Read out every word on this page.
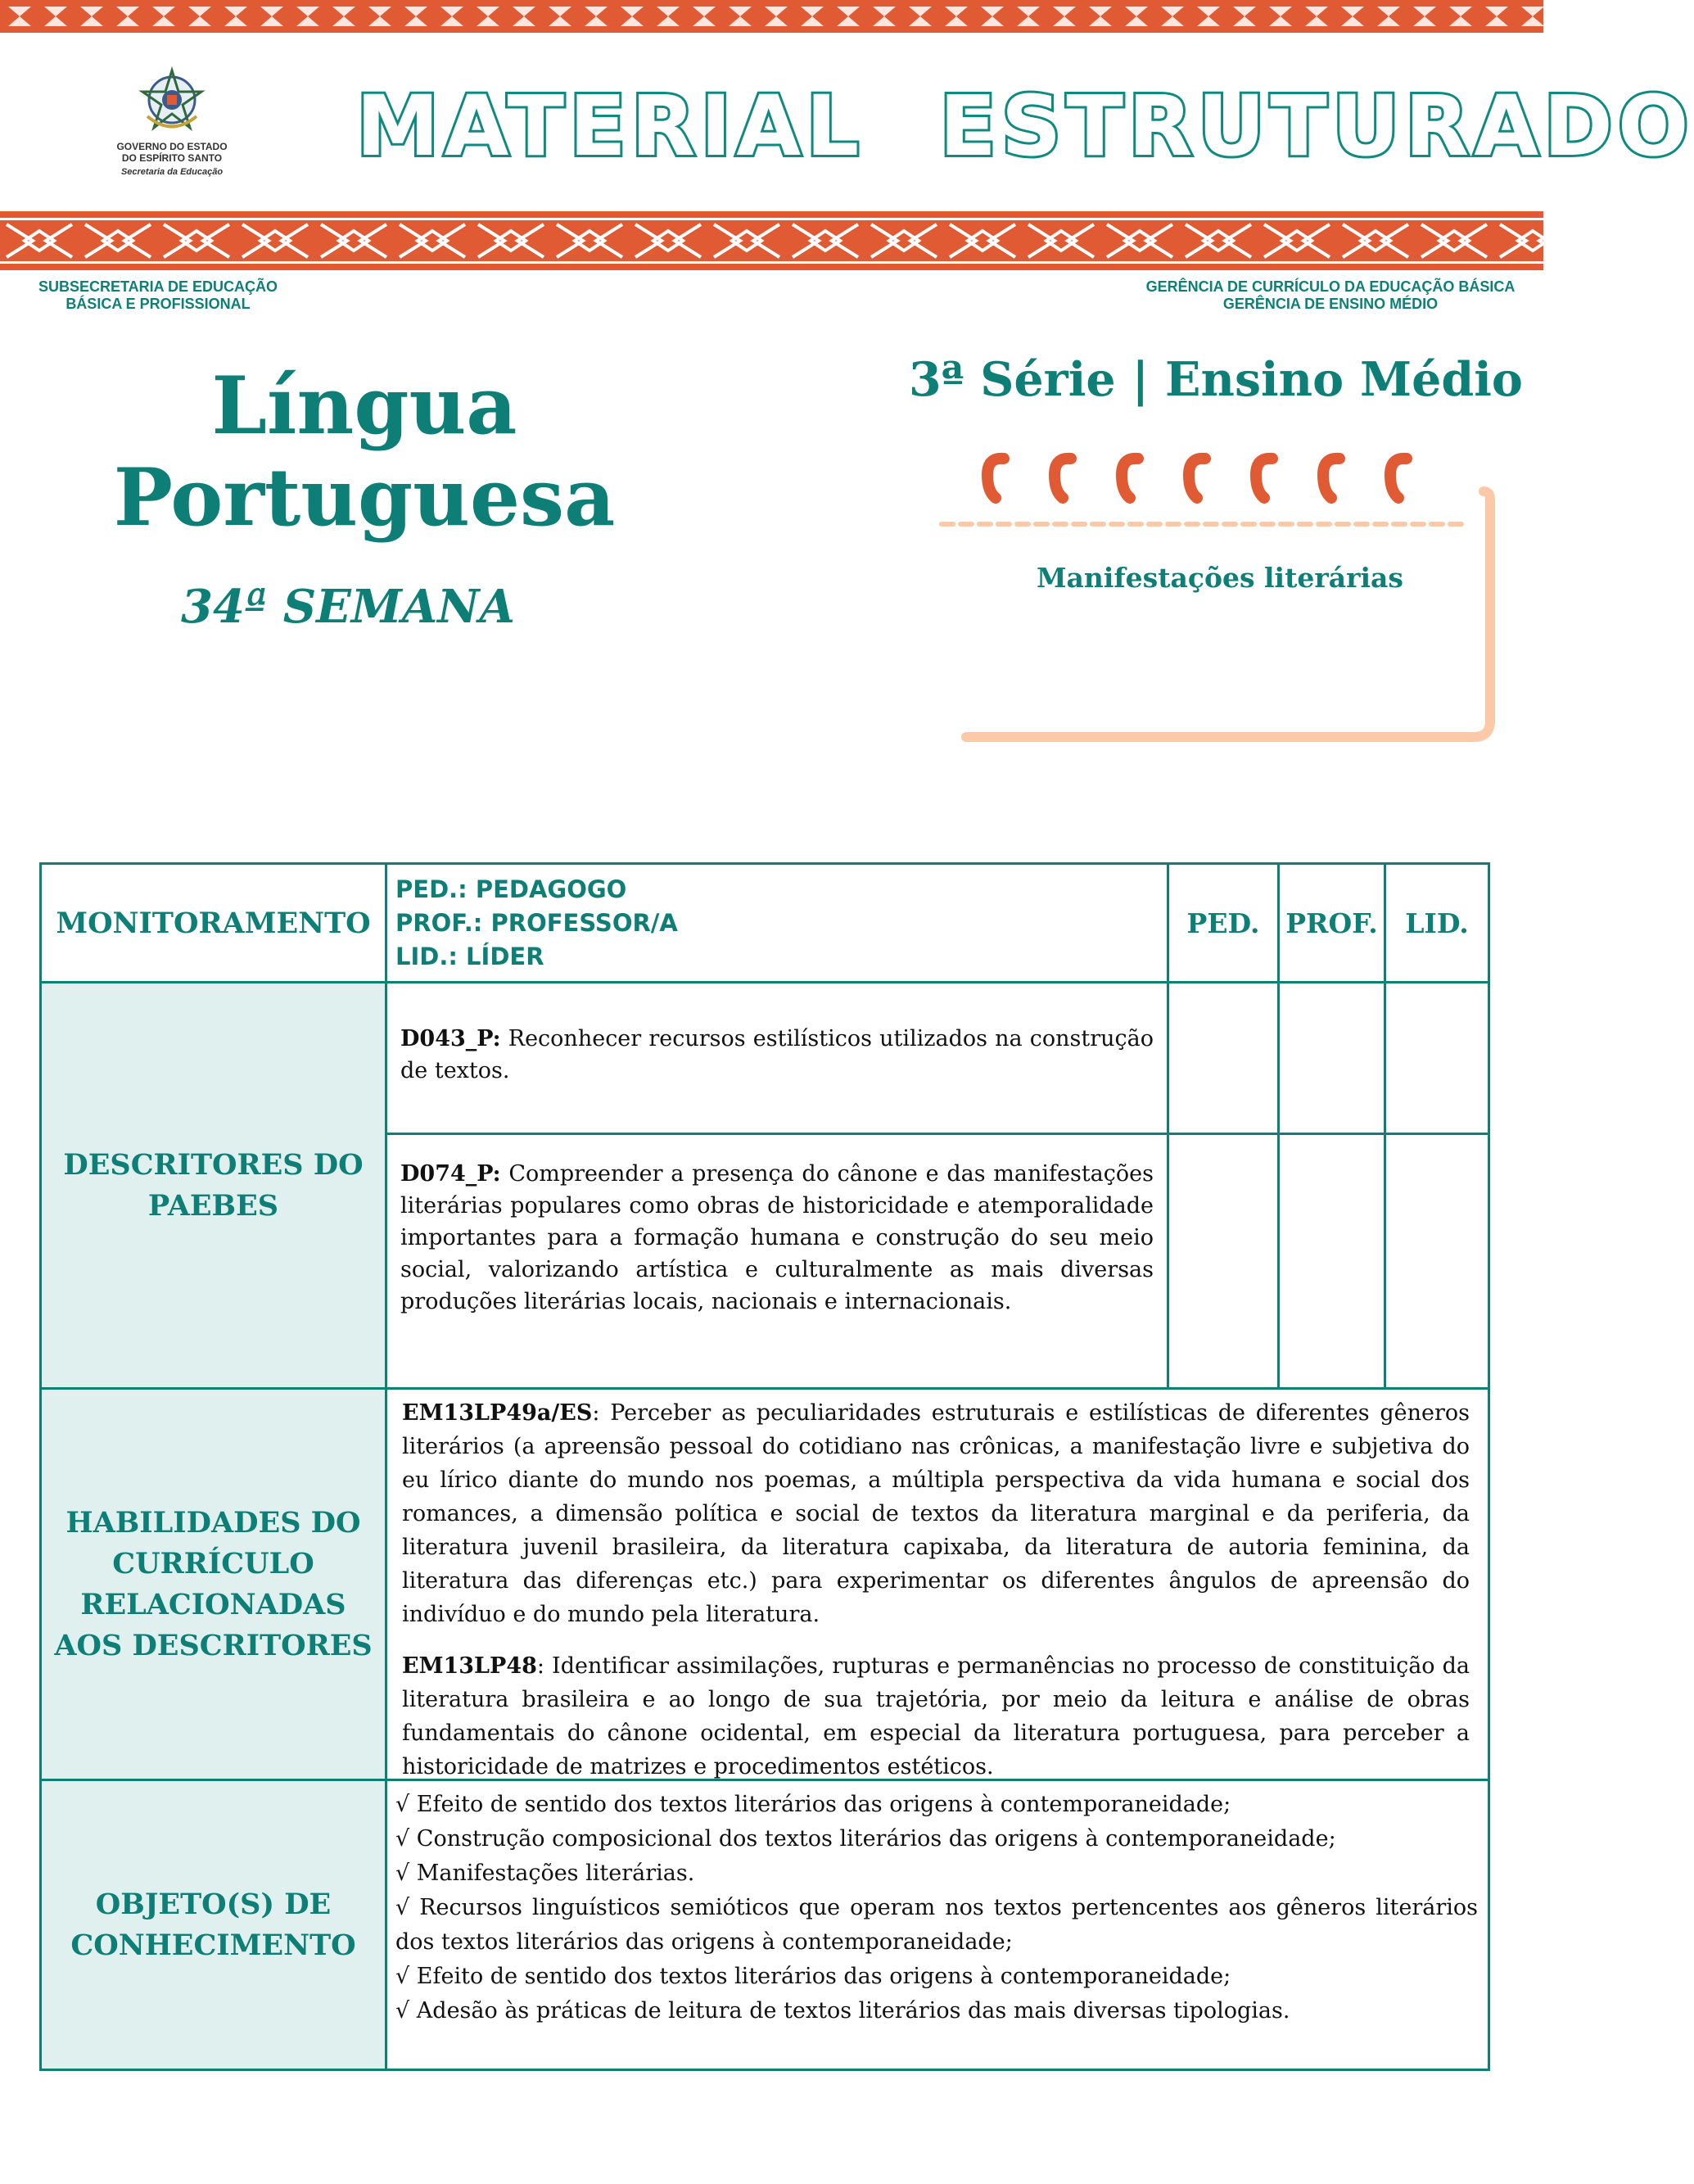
GOVERNO DO ESTADO
DO ESPÍRITO SANTO
Secretaria da Educação	MATERIAL ESTRUTURADO
SUBSECRETARIA DE EDUCAÇÃO
BÁSICA E PROFISSIONAL
GERÊNCIA DE CURRÍCULO DA EDUCAÇÃO BÁSICA
GERÊNCIA DE ENSINO MÉDIO
Língua
Portuguesa
34ª SEMANA
3ª Série | Ensino Médio
Manifestações literárias
MONITORAMENTO
PED.: PEDAGOGO
PROF.: PROFESSOR/A
LID.: LÍDER
PED. PROF. LID.
DESCRITORES DO PAEBES
D043_P: Reconhecer recursos estilísticos utilizados na construção de textos.
D074_P: Compreender a presença do cânone e das manifestações literárias populares como obras de historicidade e atemporalidade importantes para a formação humana e construção do seu meio social, valorizando artística e culturalmente as mais diversas produções literárias locais, nacionais e internacionais.
HABILIDADES DO CURRÍCULO RELACIONADAS AOS DESCRITORES
EM13LP49a/ES: Perceber as peculiaridades estruturais e estilísticas de diferentes gêneros literários (a apreensão pessoal do cotidiano nas crônicas, a manifestação livre e subjetiva do eu lírico diante do mundo nos poemas, a múltipla perspectiva da vida humana e social dos romances, a dimensão política e social de textos da literatura marginal e da periferia, da literatura juvenil brasileira, da literatura capixaba, da literatura de autoria feminina, da literatura das diferenças etc.) para experimentar os diferentes ângulos de apreensão do indivíduo e do mundo pela literatura.
EM13LP48: Identificar assimilações, rupturas e permanências no processo de constituição da literatura brasileira e ao longo de sua trajetória, por meio da leitura e análise de obras fundamentais do cânone ocidental, em especial da literatura portuguesa, para perceber a historicidade de matrizes e procedimentos estéticos.
OBJETO(S) DE CONHECIMENTO
√ Efeito de sentido dos textos literários das origens à contemporaneidade;
√ Construção composicional dos textos literários das origens à contemporaneidade;
√ Manifestações literárias.
√ Recursos linguísticos semióticos que operam nos textos pertencentes aos gêneros literários dos textos literários das origens à contemporaneidade;
√ Efeito de sentido dos textos literários das origens à contemporaneidade;
√ Adesão às práticas de leitura de textos literários das mais diversas tipologias.
